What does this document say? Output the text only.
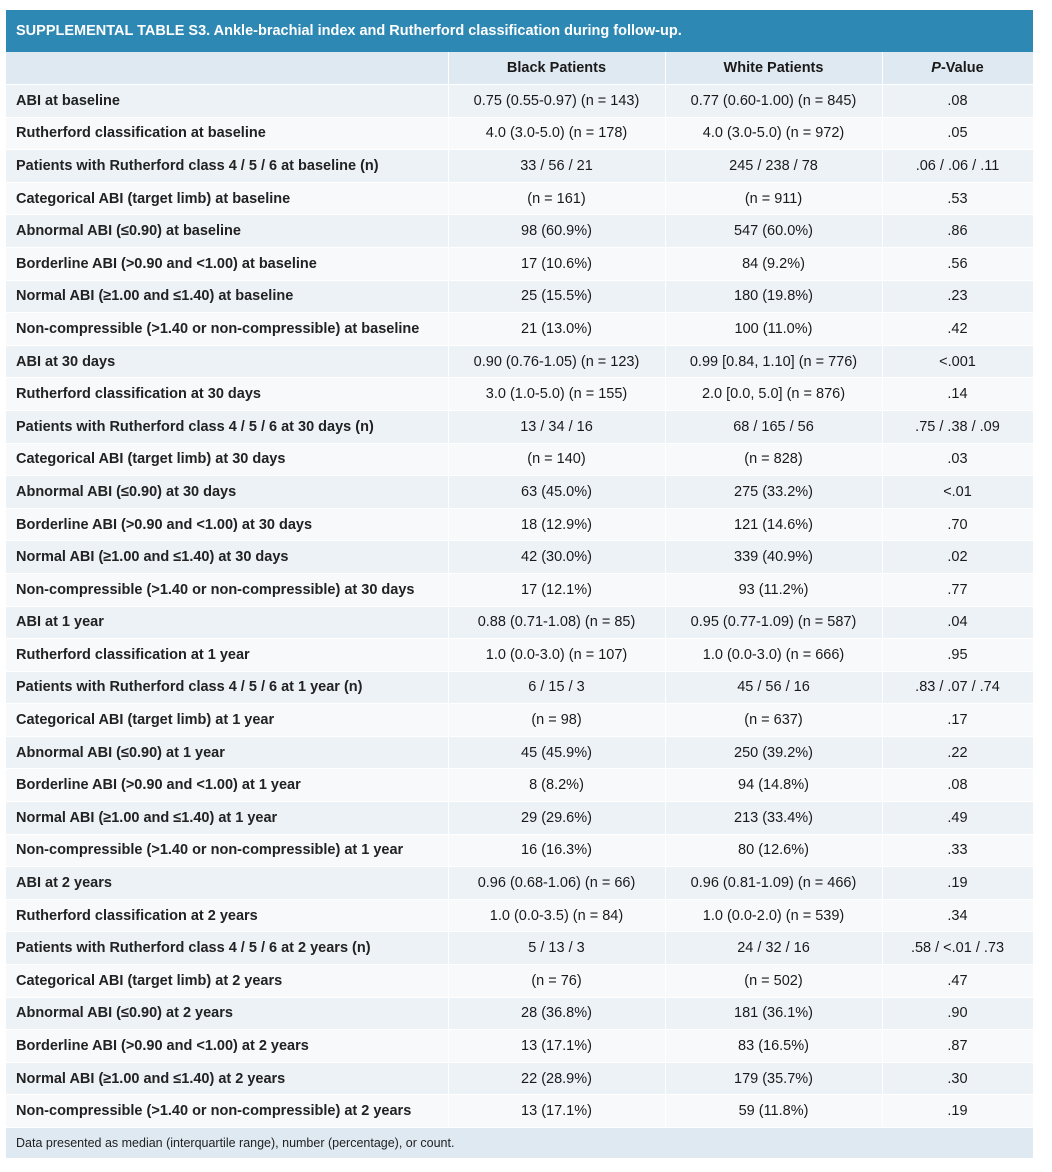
SUPPLEMENTAL TABLE S3. Ankle-brachial index and Rutherford classification during follow-up.
	Black Patients	White Patients	P-Value
ABI at baseline	0.75 (0.55-0.97) (n = 143)	0.77 (0.60-1.00) (n = 845)	.08
Rutherford classification at baseline	4.0 (3.0-5.0) (n = 178)	4.0 (3.0-5.0) (n = 972)	.05
Patients with Rutherford class 4 / 5 / 6 at baseline (n)	33 / 56 / 21	245 / 238 / 78	.06 / .06 / .11
Categorical ABI (target limb) at baseline	(n = 161)	(n = 911)	.53
Abnormal ABI (≤0.90) at baseline	98 (60.9%)	547 (60.0%)	.86
Borderline ABI (>0.90 and <1.00) at baseline	17 (10.6%)	84 (9.2%)	.56
Normal ABI (≥1.00 and ≤1.40) at baseline	25 (15.5%)	180 (19.8%)	.23
Non-compressible (>1.40 or non-compressible) at baseline	21 (13.0%)	100 (11.0%)	.42
ABI at 30 days	0.90 (0.76-1.05) (n = 123)	0.99 [0.84, 1.10] (n = 776)	<.001
Rutherford classification at 30 days	3.0 (1.0-5.0) (n = 155)	2.0 [0.0, 5.0] (n = 876)	.14
Patients with Rutherford class 4 / 5 / 6 at 30 days (n)	13 / 34 / 16	68 / 165 / 56	.75 / .38 / .09
Categorical ABI (target limb) at 30 days	(n = 140)	(n = 828)	.03
Abnormal ABI (≤0.90) at 30 days	63 (45.0%)	275 (33.2%)	<.01
Borderline ABI (>0.90 and <1.00) at 30 days	18 (12.9%)	121 (14.6%)	.70
Normal ABI (≥1.00 and ≤1.40) at 30 days	42 (30.0%)	339 (40.9%)	.02
Non-compressible (>1.40 or non-compressible) at 30 days	17 (12.1%)	93 (11.2%)	.77
ABI at 1 year	0.88 (0.71-1.08) (n = 85)	0.95 (0.77-1.09) (n = 587)	.04
Rutherford classification at 1 year	1.0 (0.0-3.0) (n = 107)	1.0 (0.0-3.0) (n = 666)	.95
Patients with Rutherford class 4 / 5 / 6 at 1 year (n)	6 / 15 / 3	45 / 56 / 16	.83 / .07 / .74
Categorical ABI (target limb) at 1 year	(n = 98)	(n = 637)	.17
Abnormal ABI (≤0.90) at 1 year	45 (45.9%)	250 (39.2%)	.22
Borderline ABI (>0.90 and <1.00) at 1 year	8 (8.2%)	94 (14.8%)	.08
Normal ABI (≥1.00 and ≤1.40) at 1 year	29 (29.6%)	213 (33.4%)	.49
Non-compressible (>1.40 or non-compressible) at 1 year	16 (16.3%)	80 (12.6%)	.33
ABI at 2 years	0.96 (0.68-1.06) (n = 66)	0.96 (0.81-1.09) (n = 466)	.19
Rutherford classification at 2 years	1.0 (0.0-3.5) (n = 84)	1.0 (0.0-2.0) (n = 539)	.34
Patients with Rutherford class 4 / 5 / 6 at 2 years (n)	5 / 13 / 3	24 / 32 / 16	.58 / <.01 / .73
Categorical ABI (target limb) at 2 years	(n = 76)	(n = 502)	.47
Abnormal ABI (≤0.90) at 2 years	28 (36.8%)	181 (36.1%)	.90
Borderline ABI (>0.90 and <1.00) at 2 years	13 (17.1%)	83 (16.5%)	.87
Normal ABI (≥1.00 and ≤1.40) at 2 years	22 (28.9%)	179 (35.7%)	.30
Non-compressible (>1.40 or non-compressible) at 2 years	13 (17.1%)	59 (11.8%)	.19
Data presented as median (interquartile range), number (percentage), or count.
